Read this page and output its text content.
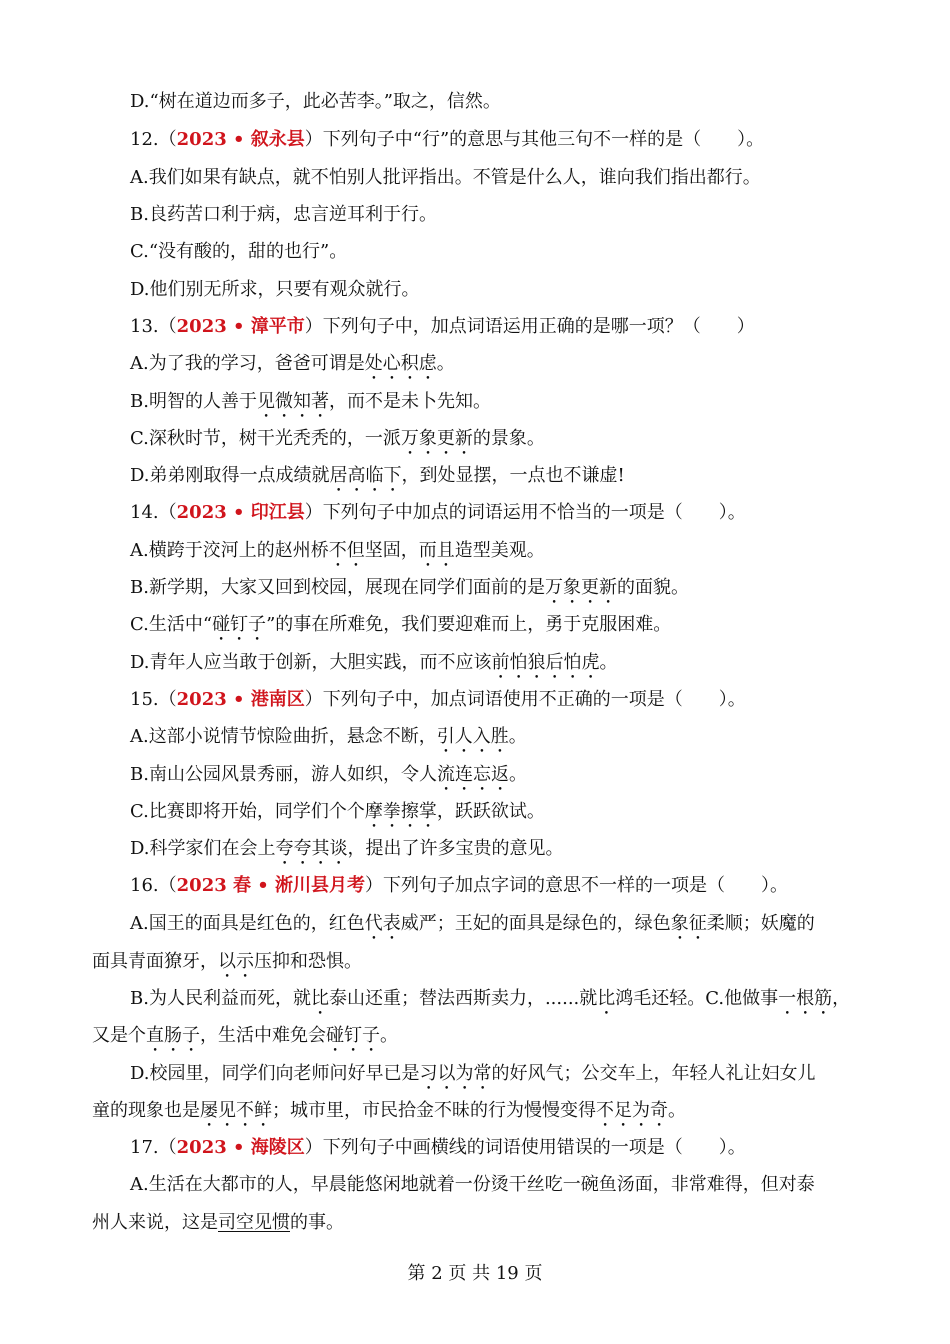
D.“树在道边而多子，此必苦李。”取之，信然。
12.（2023 • 叙永县）下列句子中“行”的意思与其他三句不一样的是（　　）。
A.我们如果有缺点，就不怕别人批评指出。不管是什么人，谁向我们指出都行。
B.良药苦口利于病，忠言逆耳利于行。
C.“没有酸的，甜的也行”。
D.他们别无所求，只要有观众就行。
13.（2023 • 漳平市）下列句子中，加点词语运用正确的是哪一项？（　　）
A.为了我的学习，爸爸可谓是处心积虑。
B.明智的人善于见微知著，而不是未卜先知。
C.深秋时节，树干光秃秃的，一派万象更新的景象。
D.弟弟刚取得一点成绩就居高临下，到处显摆，一点也不谦虚!
14.（2023 • 印江县）下列句子中加点的词语运用不恰当的一项是（　　）。
A.横跨于洨河上的赵州桥不但坚固，而且造型美观。
B.新学期，大家又回到校园，展现在同学们面前的是万象更新的面貌。
C.生活中“碰钉子”的事在所难免，我们要迎难而上，勇于克服困难。
D.青年人应当敢于创新，大胆实践，而不应该前怕狼后怕虎。
15.（2023 • 港南区）下列句子中，加点词语使用不正确的一项是（　　）。
A.这部小说情节惊险曲折，悬念不断，引人入胜。
B.南山公园风景秀丽，游人如织，令人流连忘返。
C.比赛即将开始，同学们个个摩拳擦掌，跃跃欲试。
D.科学家们在会上夸夸其谈，提出了许多宝贵的意见。
16.（2023 春 • 淅川县月考）下列句子加点字词的意思不一样的一项是（　　）。
A.国王的面具是红色的，红色代表威严；王妃的面具是绿色的，绿色象征柔顺；妖魔的
面具青面獠牙，以示压抑和恐惧。
B.为人民利益而死，就比泰山还重；替法西斯卖力，......就比鸿毛还轻。C.他做事一根筋，
又是个直肠子，生活中难免会碰钉子。
D.校园里，同学们向老师问好早已是习以为常的好风气；公交车上，年轻人礼让妇女儿
童的现象也是屡见不鲜；城市里，市民拾金不昧的行为慢慢变得不足为奇。
17.（2023 • 海陵区）下列句子中画横线的词语使用错误的一项是（　　）。
A.生活在大都市的人，早晨能悠闲地就着一份烫干丝吃一碗鱼汤面，非常难得，但对泰
州人来说，这是司空见惯的事。
第 2 页 共 19 页
